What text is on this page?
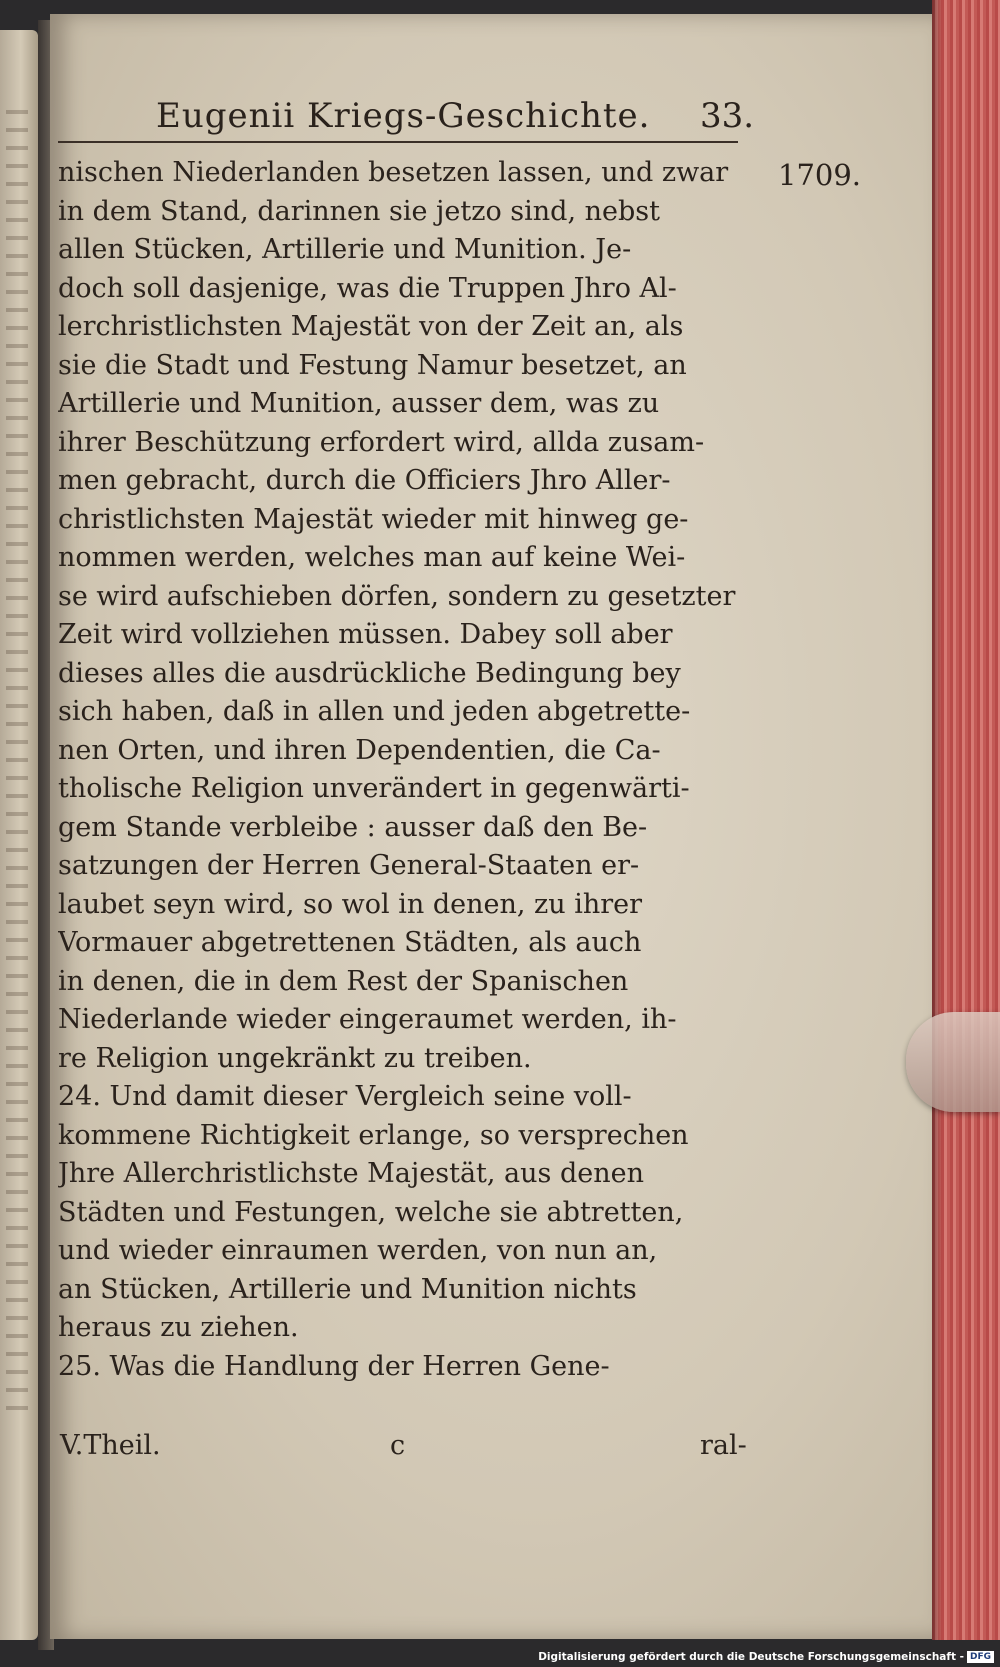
Eugenii Kriegs-Geschichte.	33.
1709.
nischen Niederlanden besetzen lassen, und zwar
in dem Stand, darinnen sie jetzo sind, nebst
allen Stücken, Artillerie und Munition. Je-
doch soll dasjenige, was die Truppen Jhro Al-
lerchristlichsten Majestät von der Zeit an, als
sie die Stadt und Festung Namur besetzet, an
Artillerie und Munition, ausser dem, was zu
ihrer Beschützung erfordert wird, allda zusam-
men gebracht, durch die Officiers Jhro Aller-
christlichsten Majestät wieder mit hinweg ge-
nommen werden, welches man auf keine Wei-
se wird aufschieben dörfen, sondern zu gesetzter
Zeit wird vollziehen müssen. Dabey soll aber
dieses alles die ausdrückliche Bedingung bey
sich haben, daß in allen und jeden abgetrette-
nen Orten, und ihren Dependentien, die Ca-
tholische Religion unverändert in gegenwärti-
gem Stande verbleibe : ausser daß den Be-
satzungen der Herren General-Staaten er-
laubet seyn wird, so wol in denen, zu ihrer
Vormauer abgetrettenen Städten, als auch
in denen, die in dem Rest der Spanischen
Niederlande wieder eingeraumet werden, ih-
re Religion ungekränkt zu treiben.
24. Und damit dieser Vergleich seine voll-
kommene Richtigkeit erlange, so versprechen
Jhre Allerchristlichste Majestät, aus denen
Städten und Festungen, welche sie abtretten,
und wieder einraumen werden, von nun an,
an Stücken, Artillerie und Munition nichts
heraus zu ziehen.
25. Was die Handlung der Herren Gene-
V.Theil.	c	ral-
Digitalisierung gefördert durch die Deutsche Forschungsgemeinschaft - DFG
